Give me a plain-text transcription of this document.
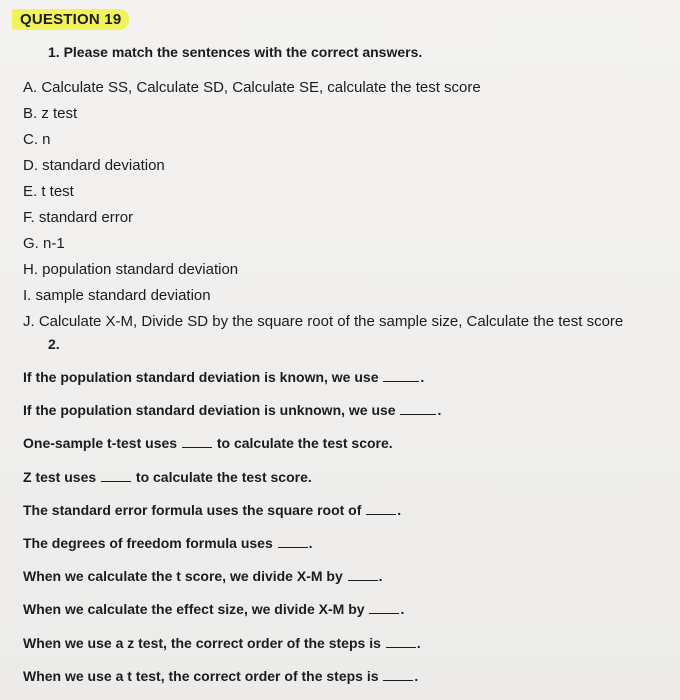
QUESTION 19
1. Please match the sentences with the correct answers.
A. Calculate SS, Calculate SD, Calculate SE, calculate the test score
B. z test
C. n
D. standard deviation
E. t test
F. standard error
G. n-1
H. population standard deviation
I. sample standard deviation
J. Calculate X-M, Divide SD by the square root of the sample size, Calculate the test score
2.
If the population standard deviation is known, we use	.
If the population standard deviation is unknown, we use	.
One-sample t-test uses	to calculate the test score.
Z test uses	to calculate the test score.
The standard error formula uses the square root of	.
The degrees of freedom formula uses	.
When we calculate the t score, we divide X-M by	.
When we calculate the effect size, we divide X-M by	.
When we use a z test, the correct order of the steps is	.
When we use a t test, the correct order of the steps is	.
